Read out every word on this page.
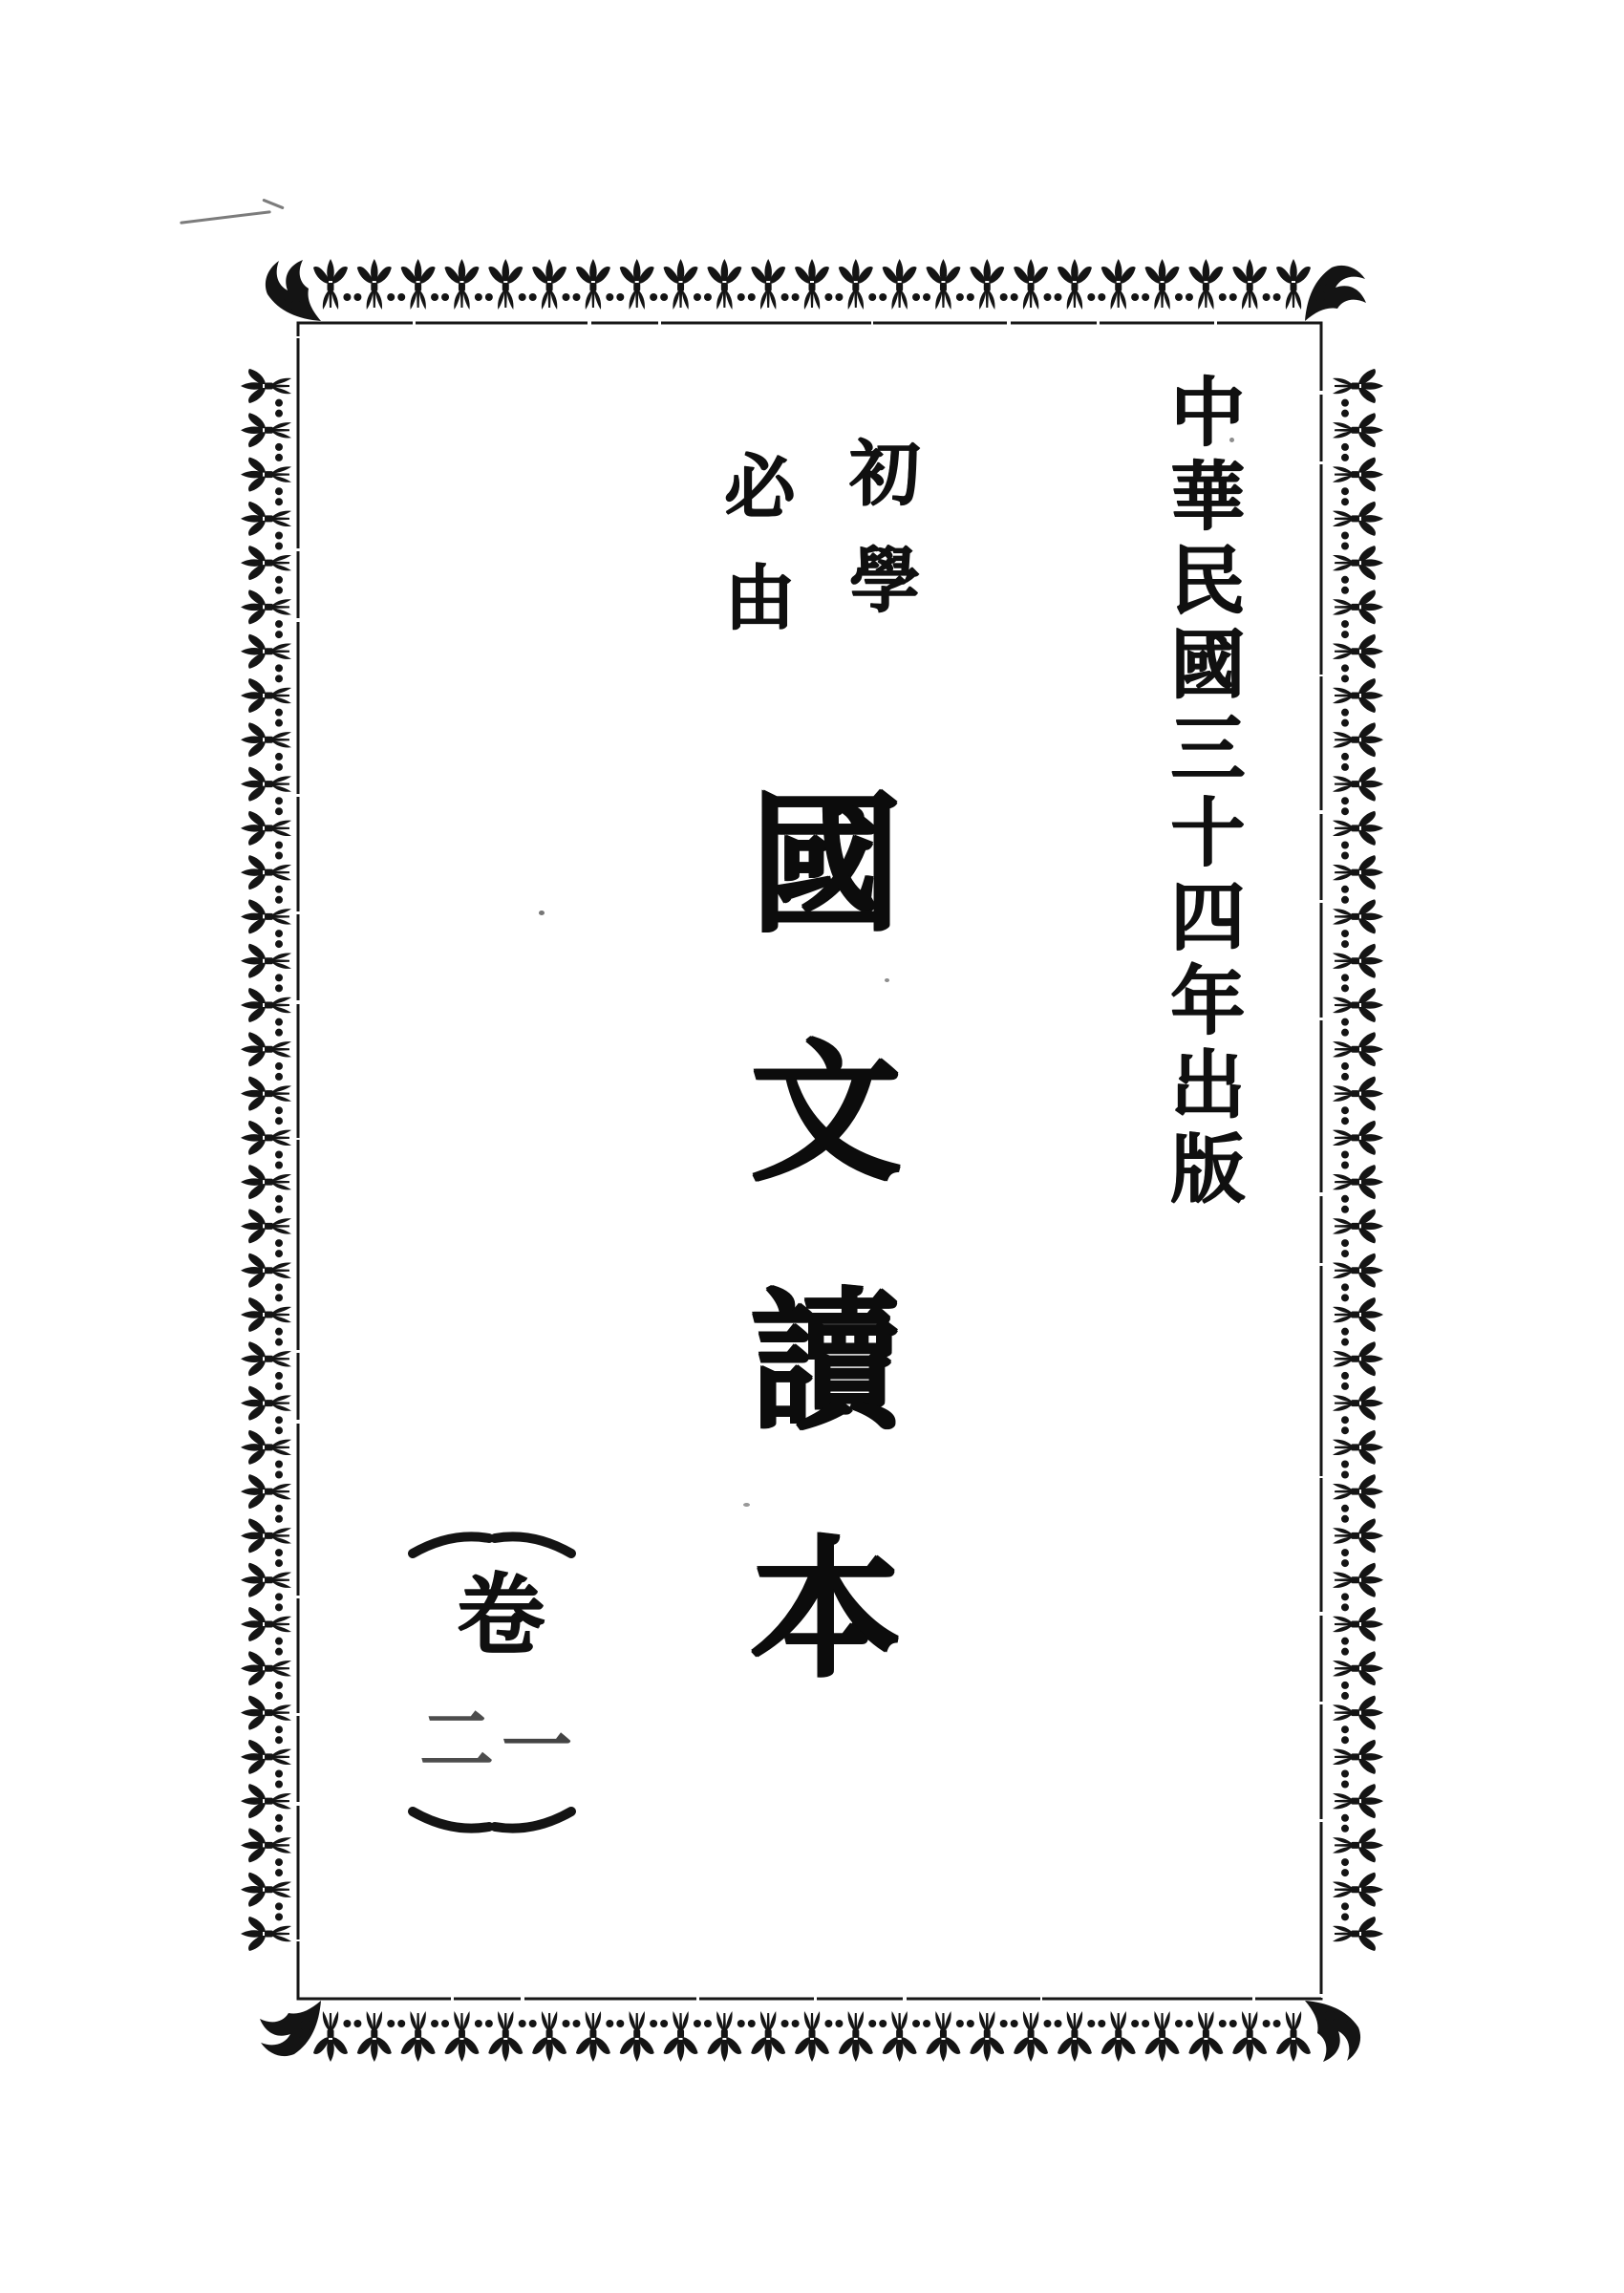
中華民國三十四年出版
初學
必由
國文讀本
卷
一
二
